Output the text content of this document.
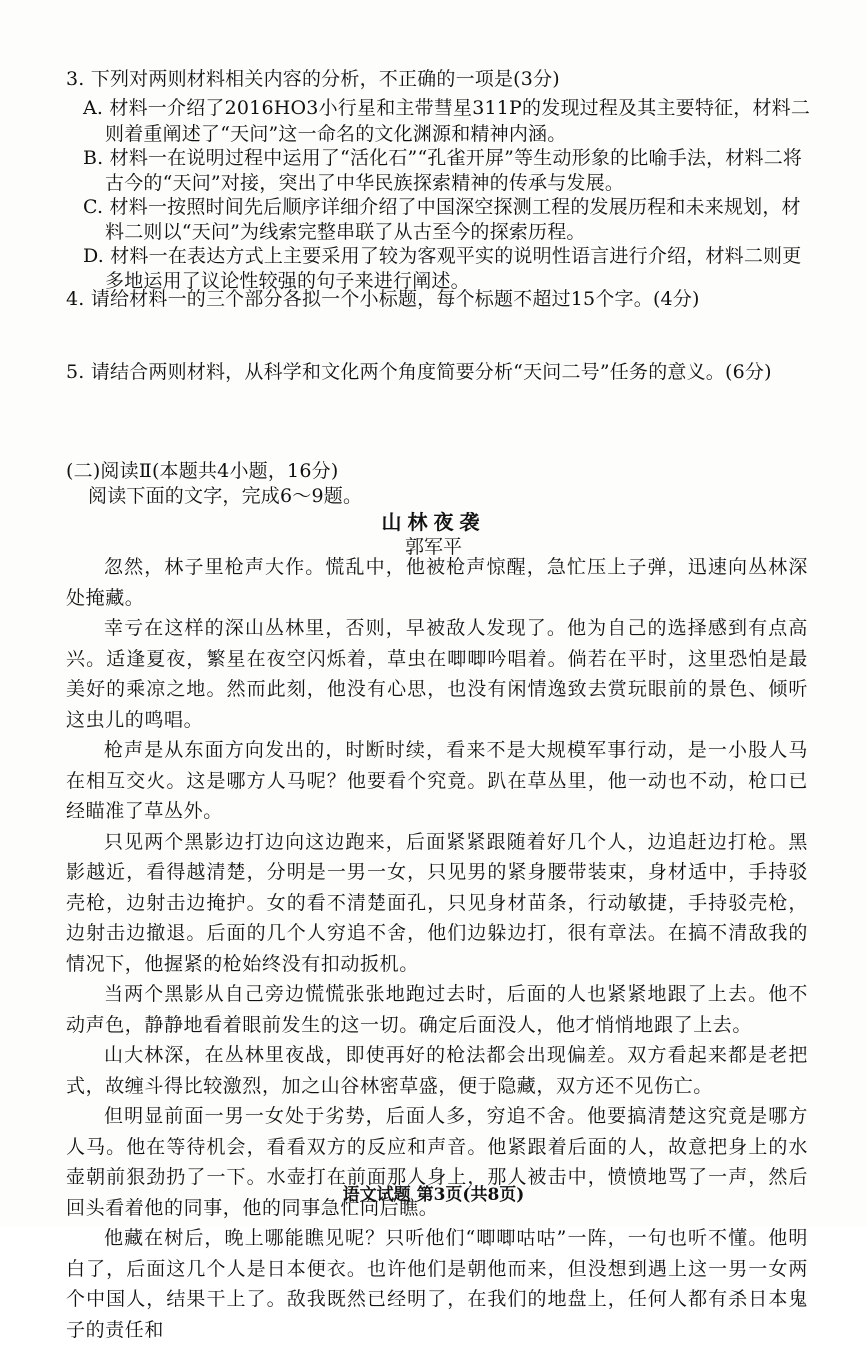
3. 下列对两则材料相关内容的分析，不正确的一项是(3分)
A. 材料一介绍了2016HO3小行星和主带彗星311P的发现过程及其主要特征，材料二
则着重阐述了“天问”这一命名的文化渊源和精神内涵。
B. 材料一在说明过程中运用了“活化石”“孔雀开屏”等生动形象的比喻手法，材料二将
古今的“天问”对接，突出了中华民族探索精神的传承与发展。
C. 材料一按照时间先后顺序详细介绍了中国深空探测工程的发展历程和未来规划，材
料二则以“天问”为线索完整串联了从古至今的探索历程。
D. 材料一在表达方式上主要采用了较为客观平实的说明性语言进行介绍，材料二则更
多地运用了议论性较强的句子来进行阐述。
4. 请给材料一的三个部分各拟一个小标题，每个标题不超过15个字。(4分)
5. 请结合两则材料，从科学和文化两个角度简要分析“天问二号”任务的意义。(6分)
(二)阅读Ⅱ(本题共4小题，16分)
阅读下面的文字，完成6～9题。
山林夜袭
郭军平

忽然，林子里枪声大作。慌乱中，他被枪声惊醒，急忙压上子弹，迅速向丛林深处掩藏。

幸亏在这样的深山丛林里，否则，早被敌人发现了。他为自己的选择感到有点高兴。适逢夏夜，繁星在夜空闪烁着，草虫在唧唧吟唱着。倘若在平时，这里恐怕是最美好的乘凉之地。然而此刻，他没有心思，也没有闲情逸致去赏玩眼前的景色、倾听这虫儿的鸣唱。

枪声是从东面方向发出的，时断时续，看来不是大规模军事行动，是一小股人马在相互交火。这是哪方人马呢？他要看个究竟。趴在草丛里，他一动也不动，枪口已经瞄准了草丛外。

只见两个黑影边打边向这边跑来，后面紧紧跟随着好几个人，边追赶边打枪。黑影越近，看得越清楚，分明是一男一女，只见男的紧身腰带装束，身材适中，手持驳壳枪，边射击边掩护。女的看不清楚面孔，只见身材苗条，行动敏捷，手持驳壳枪，边射击边撤退。后面的几个人穷追不舍，他们边躲边打，很有章法。在搞不清敌我的情况下，他握紧的枪始终没有扣动扳机。

当两个黑影从自己旁边慌慌张张地跑过去时，后面的人也紧紧地跟了上去。他不动声色，静静地看着眼前发生的这一切。确定后面没人，他才悄悄地跟了上去。

山大林深，在丛林里夜战，即使再好的枪法都会出现偏差。双方看起来都是老把式，故缠斗得比较激烈，加之山谷林密草盛，便于隐藏，双方还不见伤亡。

但明显前面一男一女处于劣势，后面人多，穷追不舍。他要搞清楚这究竟是哪方人马。他在等待机会，看看双方的反应和声音。他紧跟着后面的人，故意把身上的水壶朝前狠劲扔了一下。水壶打在前面那人身上，那人被击中，愤愤地骂了一声，然后回头看着他的同事，他的同事急忙向后瞧。

他藏在树后，晚上哪能瞧见呢？只听他们“唧唧咕咕”一阵，一句也听不懂。他明白了，后面这几个人是日本便衣。也许他们是朝他而来，但没想到遇上这一男一女两个中国人，结果干上了。敌我既然已经明了，在我们的地盘上，任何人都有杀日本鬼子的责任和

语文试题 第3页(共8页)
